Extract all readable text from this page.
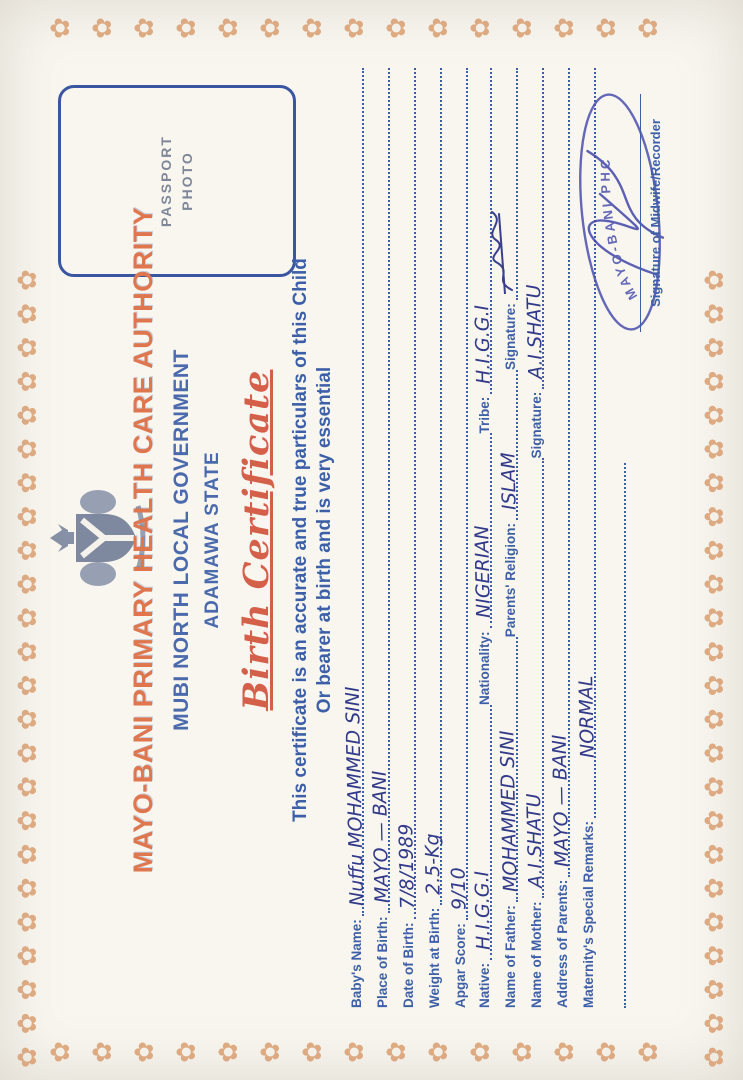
✿✿✿✿✿✿✿✿✿✿✿✿✿✿✿✿✿✿✿✿✿✿✿✿	✿✿✿✿✿✿✿✿✿✿✿✿✿✿✿✿✿✿✿✿✿✿✿✿
✿✿✿✿✿✿✿✿✿✿✿✿✿✿✿
✿✿✿✿✿✿✿✿✿✿✿✿✿✿✿
PASSPORT PHOTO
MAYO-BANI PRIMARY HEALTH CARE AUTHORITY MUBI NORTH LOCAL GOVERNMENT ADAMAWA STATE Birth Certificate This certificate is an accurate and true particulars of this Child Or bearer at birth and is very essential
Baby's Name:
Nuffu MOHAMMED SINI
Place of Birth:
MAYO — BANI
Date of Birth:
7/8/1989
Weight at Birth:
2.5-Kg
Apgar Score:
9/10
Native:
H.I.G.G.I
Nationality:
NIGERIAN
Tribe:
H.I.G.G.I
Name of Father:
MOHAMMED SINI
Parents' Religion:
ISLAM
Signature:
Name of Mother:
A.I.SHATU
Signature:
A.I.SHATU
Address of Parents:
MAYO — BANI
Maternity's Special Remarks:
NORMAL
MAYO-BANI PHC	Signature of Midwife/Recorder
